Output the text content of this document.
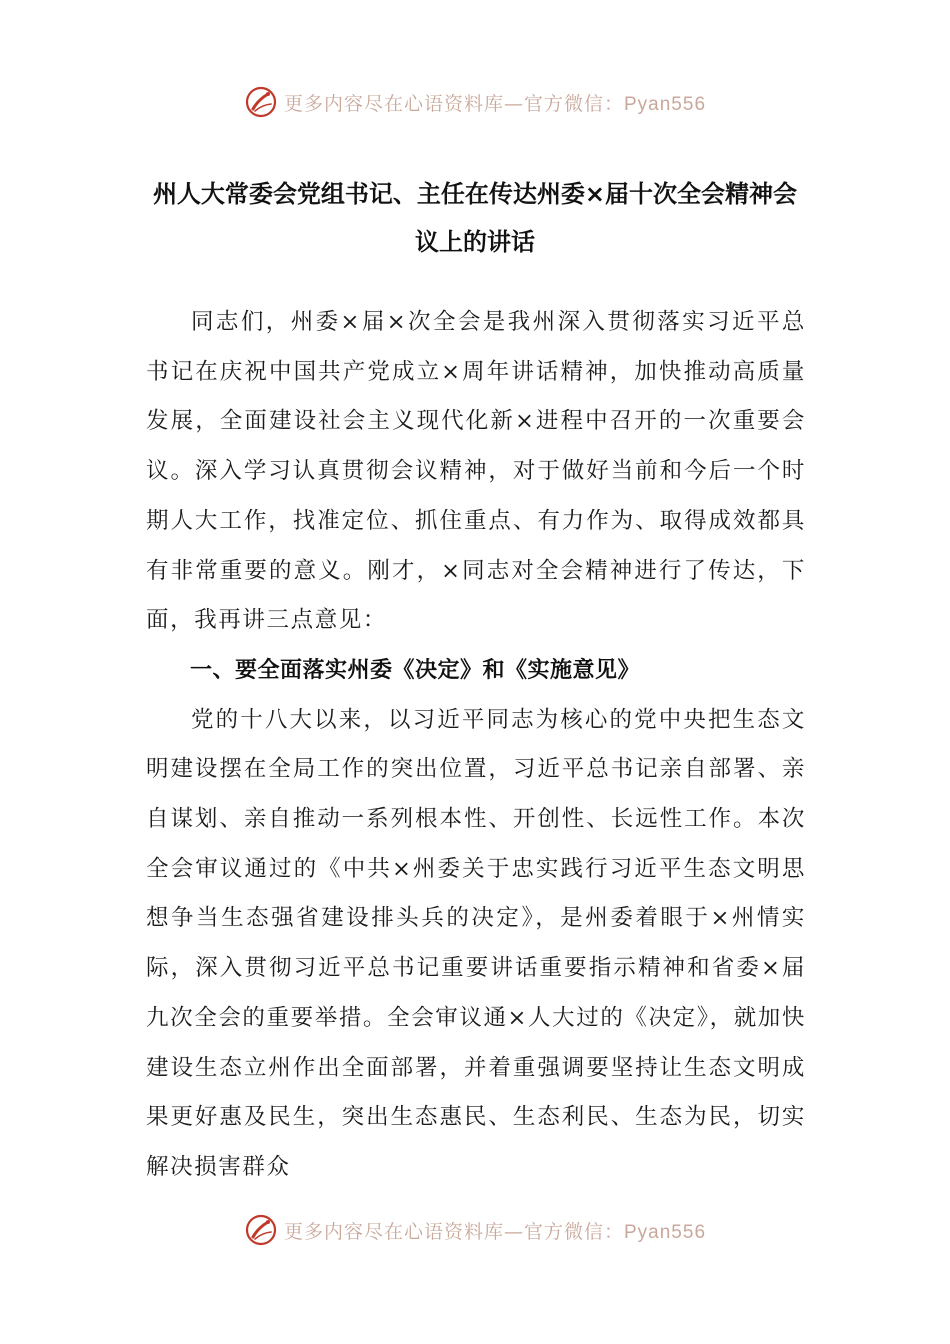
更多内容尽在心语资料库—官方微信：Pyan556
州人大常委会党组书记、主任在传达州委×届十次全会精神会议上的讲话

同志们，州委×届×次全会是我州深入贯彻落实习近平总书记在庆祝中国共产党成立×周年讲话精神，加快推动高质量发展，全面建设社会主义现代化新×进程中召开的一次重要会议。深入学习认真贯彻会议精神，对于做好当前和今后一个时期人大工作，找准定位、抓住重点、有力作为、取得成效都具有非常重要的意义。刚才，×同志对全会精神进行了传达，下面，我再讲三点意见：

一、要全面落实州委《决定》和《实施意见》

党的十八大以来，以习近平同志为核心的党中央把生态文明建设摆在全局工作的突出位置，习近平总书记亲自部署、亲自谋划、亲自推动一系列根本性、开创性、长远性工作。本次全会审议通过的《中共×州委关于忠实践行习近平生态文明思想争当生态强省建设排头兵的决定》，是州委着眼于×州情实际，深入贯彻习近平总书记重要讲话重要指示精神和省委×届九次全会的重要举措。全会审议通×人大过的《决定》，就加快建设生态立州作出全面部署，并着重强调要坚持让生态文明成果更好惠及民生，突出生态惠民、生态利民、生态为民，切实解决损害群众

更多内容尽在心语资料库—官方微信：Pyan556
